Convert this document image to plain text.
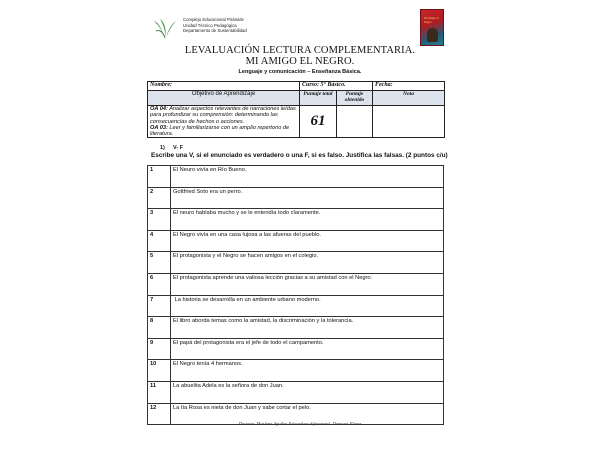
Complejo Educacional Pirámide
Unidad Técnico Pedagógica
Departamento de Sustentabilidad
Mi amigo el Negro
LEVALUACIÓN LECTURA COMPLEMENTARIA.
MI AMIGO EL NEGRO.
Lenguaje y comunicación – Enseñanza Básica.
Nombre:	Curso: 5° Básico.		Fecha:
Objetivo de Aprendizaje	Puntaje total	Puntaje obtenido	Nota
OA 04: Analizar aspectos relevantes de narraciones leídas para profundizar su comprensión: determinando las consecuencias de hechos o acciones.
OA 03: Leer y familiarizarse con un amplio repertorio de literatura.	61		
1) V- F
Escribe una V, si el enunciado es verdadero o una F, si es falso. Justifica las falsas. (2 puntos c/u)
1	El Neuro vivía en Río Bueno.
2	Gottfried Soto era un perro.
3	El neuro hablaba mucho y se le entendía todo claramente.
4	El Negro vivía en una casa lujosa a las afueras del pueblo.
5	El protagonista y el Negro se hacen amigos en el colegio.
6	El protagonista aprende una valiosa lección gracias a su amistad con el Negro.
7	La historia se desarrolla en un ambiente urbano moderno.
8	El libro aborda temas como la amistad, la discriminación y la tolerancia.
9	El papá del protagonista era el jefe de todo el campamento.
10	El Negro tenía 4 hermanos.
11	La abuelita Adela es la señora de don Juan.
12	La tía Rosa es nieta de don Juan y sabe cortar el pelo.
Docente: Marlene Aguilar Educadora diferencial: Damaris Flores
